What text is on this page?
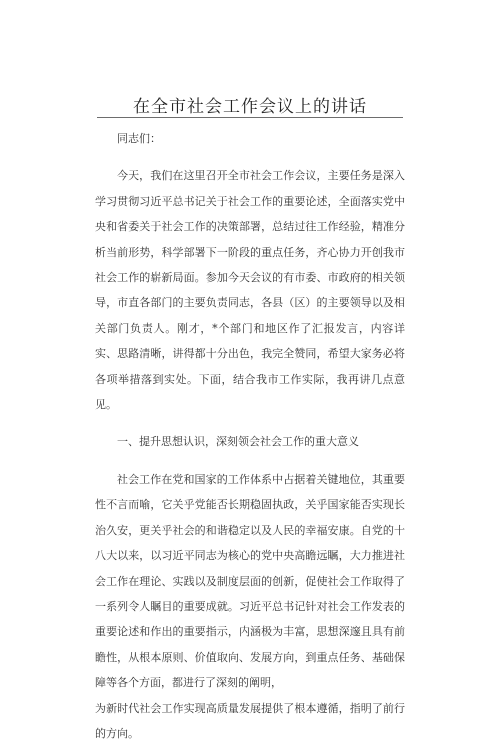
在全市社会工作会议上的讲话

同志们：

今天，我们在这里召开全市社会工作会议，主要任务是深入学习贯彻习近平总书记关于社会工作的重要论述，全面落实党中央和省委关于社会工作的决策部署，总结过往工作经验，精准分析当前形势，科学部署下一阶段的重点任务，齐心协力开创我市社会工作的崭新局面。参加今天会议的有市委、市政府的相关领导，市直各部门的主要负责同志，各县（区）的主要领导以及相关部门负责人。刚才，*个部门和地区作了汇报发言，内容详实、思路清晰，讲得都十分出色，我完全赞同，希望大家务必将各项举措落到实处。下面，结合我市工作实际，我再讲几点意见。

一、提升思想认识，深刻领会社会工作的重大意义

社会工作在党和国家的工作体系中占据着关键地位，其重要性不言而喻，它关乎党能否长期稳固执政，关乎国家能否实现长治久安，更关乎社会的和谐稳定以及人民的幸福安康。自党的十八大以来，以习近平同志为核心的党中央高瞻远瞩，大力推进社会工作在理论、实践以及制度层面的创新，促使社会工作取得了一系列令人瞩目的重要成就。习近平总书记针对社会工作发表的重要论述和作出的重要指示，内涵极为丰富，思想深邃且具有前瞻性，从根本原则、价值取向、发展方向，到重点任务、基础保障等各个方面，都进行了深刻的阐明，

为新时代社会工作实现高质量发展提供了根本遵循，指明了前行的方向。
